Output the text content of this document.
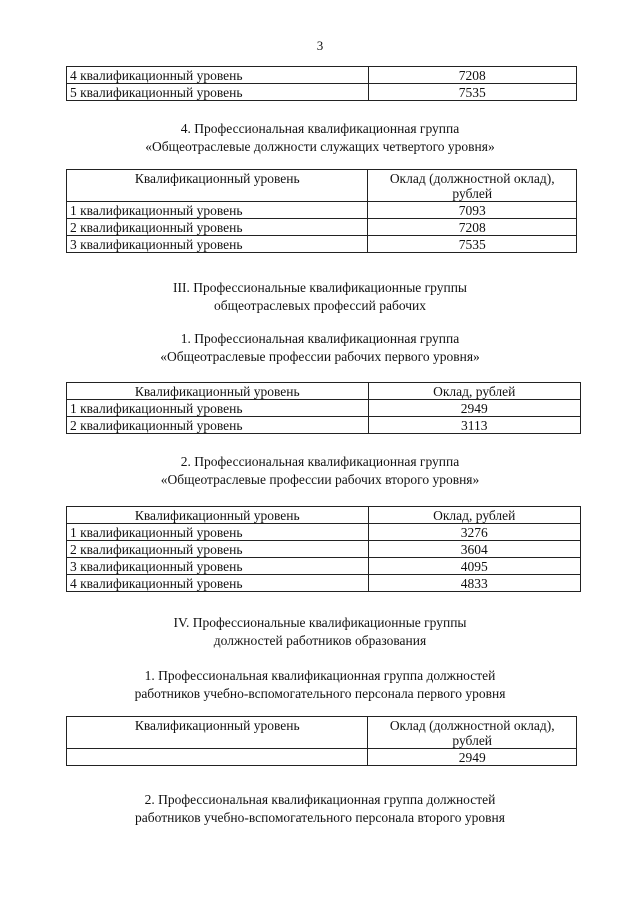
3
4 квалификационный уровень	7208
5 квалификационный уровень	7535
4. Профессиональная квалификационная группа
«Общеотраслевые должности служащих четвертого уровня»
Квалификационный уровень	Оклад (должностной оклад), рублей

1 квалификационный уровень	7093
2 квалификационный уровень	7208
3 квалификационный уровень	7535
III. Профессиональные квалификационные группы
общеотраслевых профессий рабочих
1. Профессиональная квалификационная группа
«Общеотраслевые профессии рабочих первого уровня»
Квалификационный уровень	Оклад, рублей
1 квалификационный уровень	2949
2 квалификационный уровень	3113
2. Профессиональная квалификационная группа
«Общеотраслевые профессии рабочих второго уровня»
Квалификационный уровень	Оклад, рублей
1 квалификационный уровень	3276
2 квалификационный уровень	3604
3 квалификационный уровень	4095
4 квалификационный уровень	4833
IV. Профессиональные квалификационные группы
должностей работников образования
1. Профессиональная квалификационная группа должностей
работников учебно-вспомогательного персонала первого уровня
Квалификационный уровень	Оклад (должностной оклад), рублей

	2949
2. Профессиональная квалификационная группа должностей
работников учебно-вспомогательного персонала второго уровня
